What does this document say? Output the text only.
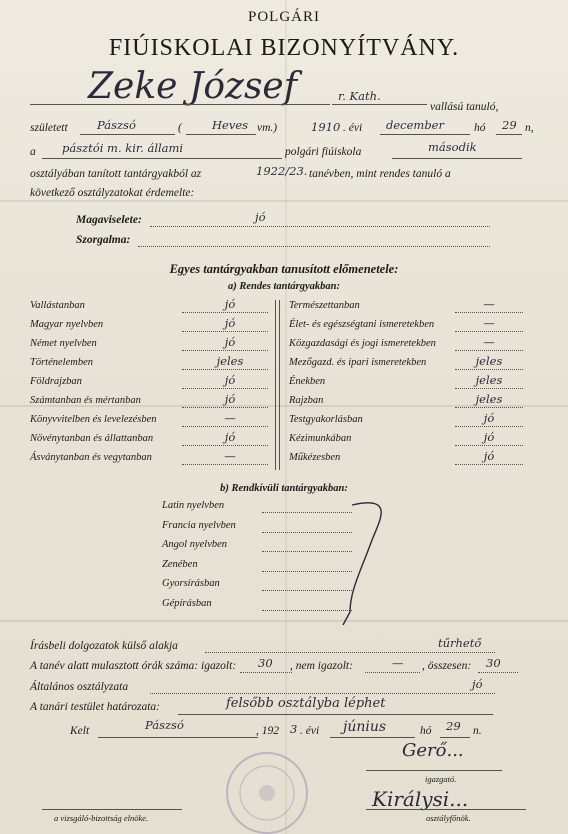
POLGÁRI
FIÚISKOLAI BIZONYÍTVÁNY.
Zeke József	r. Kath.
vallású tanuló,
született	Pászsó	(	Heves vm.)	1910 . évi december	hó 29 n,
a pásztói m. kir. állami	polgári fiúiskola	második
osztályában tanított tantárgyakból az	1922/23. tanévben, mint rendes tanuló a
következő osztályzatokat érdemelte:
Magaviselete:	jó
Szorgalma:
Egyes tantárgyakban tanusított előmenetele:
a) Rendes tantárgyakban:
Vallástanban	jó
Magyar nyelvben	jó
Német nyelvben	jó
Történelemben	jeles
Földrajzban	jó
Számtanban és mértanban	jó
Könyvvitelben és levelezésben	—
Növénytanban és állattanban	jó
Ásványtanban és vegytanban	—
Természettanban	—
Élet- és egészségtani ismeretekben	—
Közgazdasági és jogi ismeretekben	—
Mezőgazd. és ipari ismeretekben	jeles
Énekben	jeles
Rajzban	jeles
Testgyakorlásban	jó
Kézimunkában	jó
Műkézesben	jó
b) Rendkívüli tantárgyakban:
Latin nyelvben
Francia nyelvben
Angol nyelvben
Zenében
Gyorsírásban
Gépírásban
Írásbeli dolgozatok külső alakja	tűrhető
A tanév alatt mulasztott órák száma: igazolt: 30 , nem igazolt:	— , összesen: 30
Általános osztályzata	jó
A tanári testület határozata:	felsőbb osztályba léphet
Kelt	Pászsó	, 192 3 . évi június	hó 29 n.
Gerő...
igazgató.
Királysi...
osztályfőnök.
a vizsgáló-bizottság elnöke.
